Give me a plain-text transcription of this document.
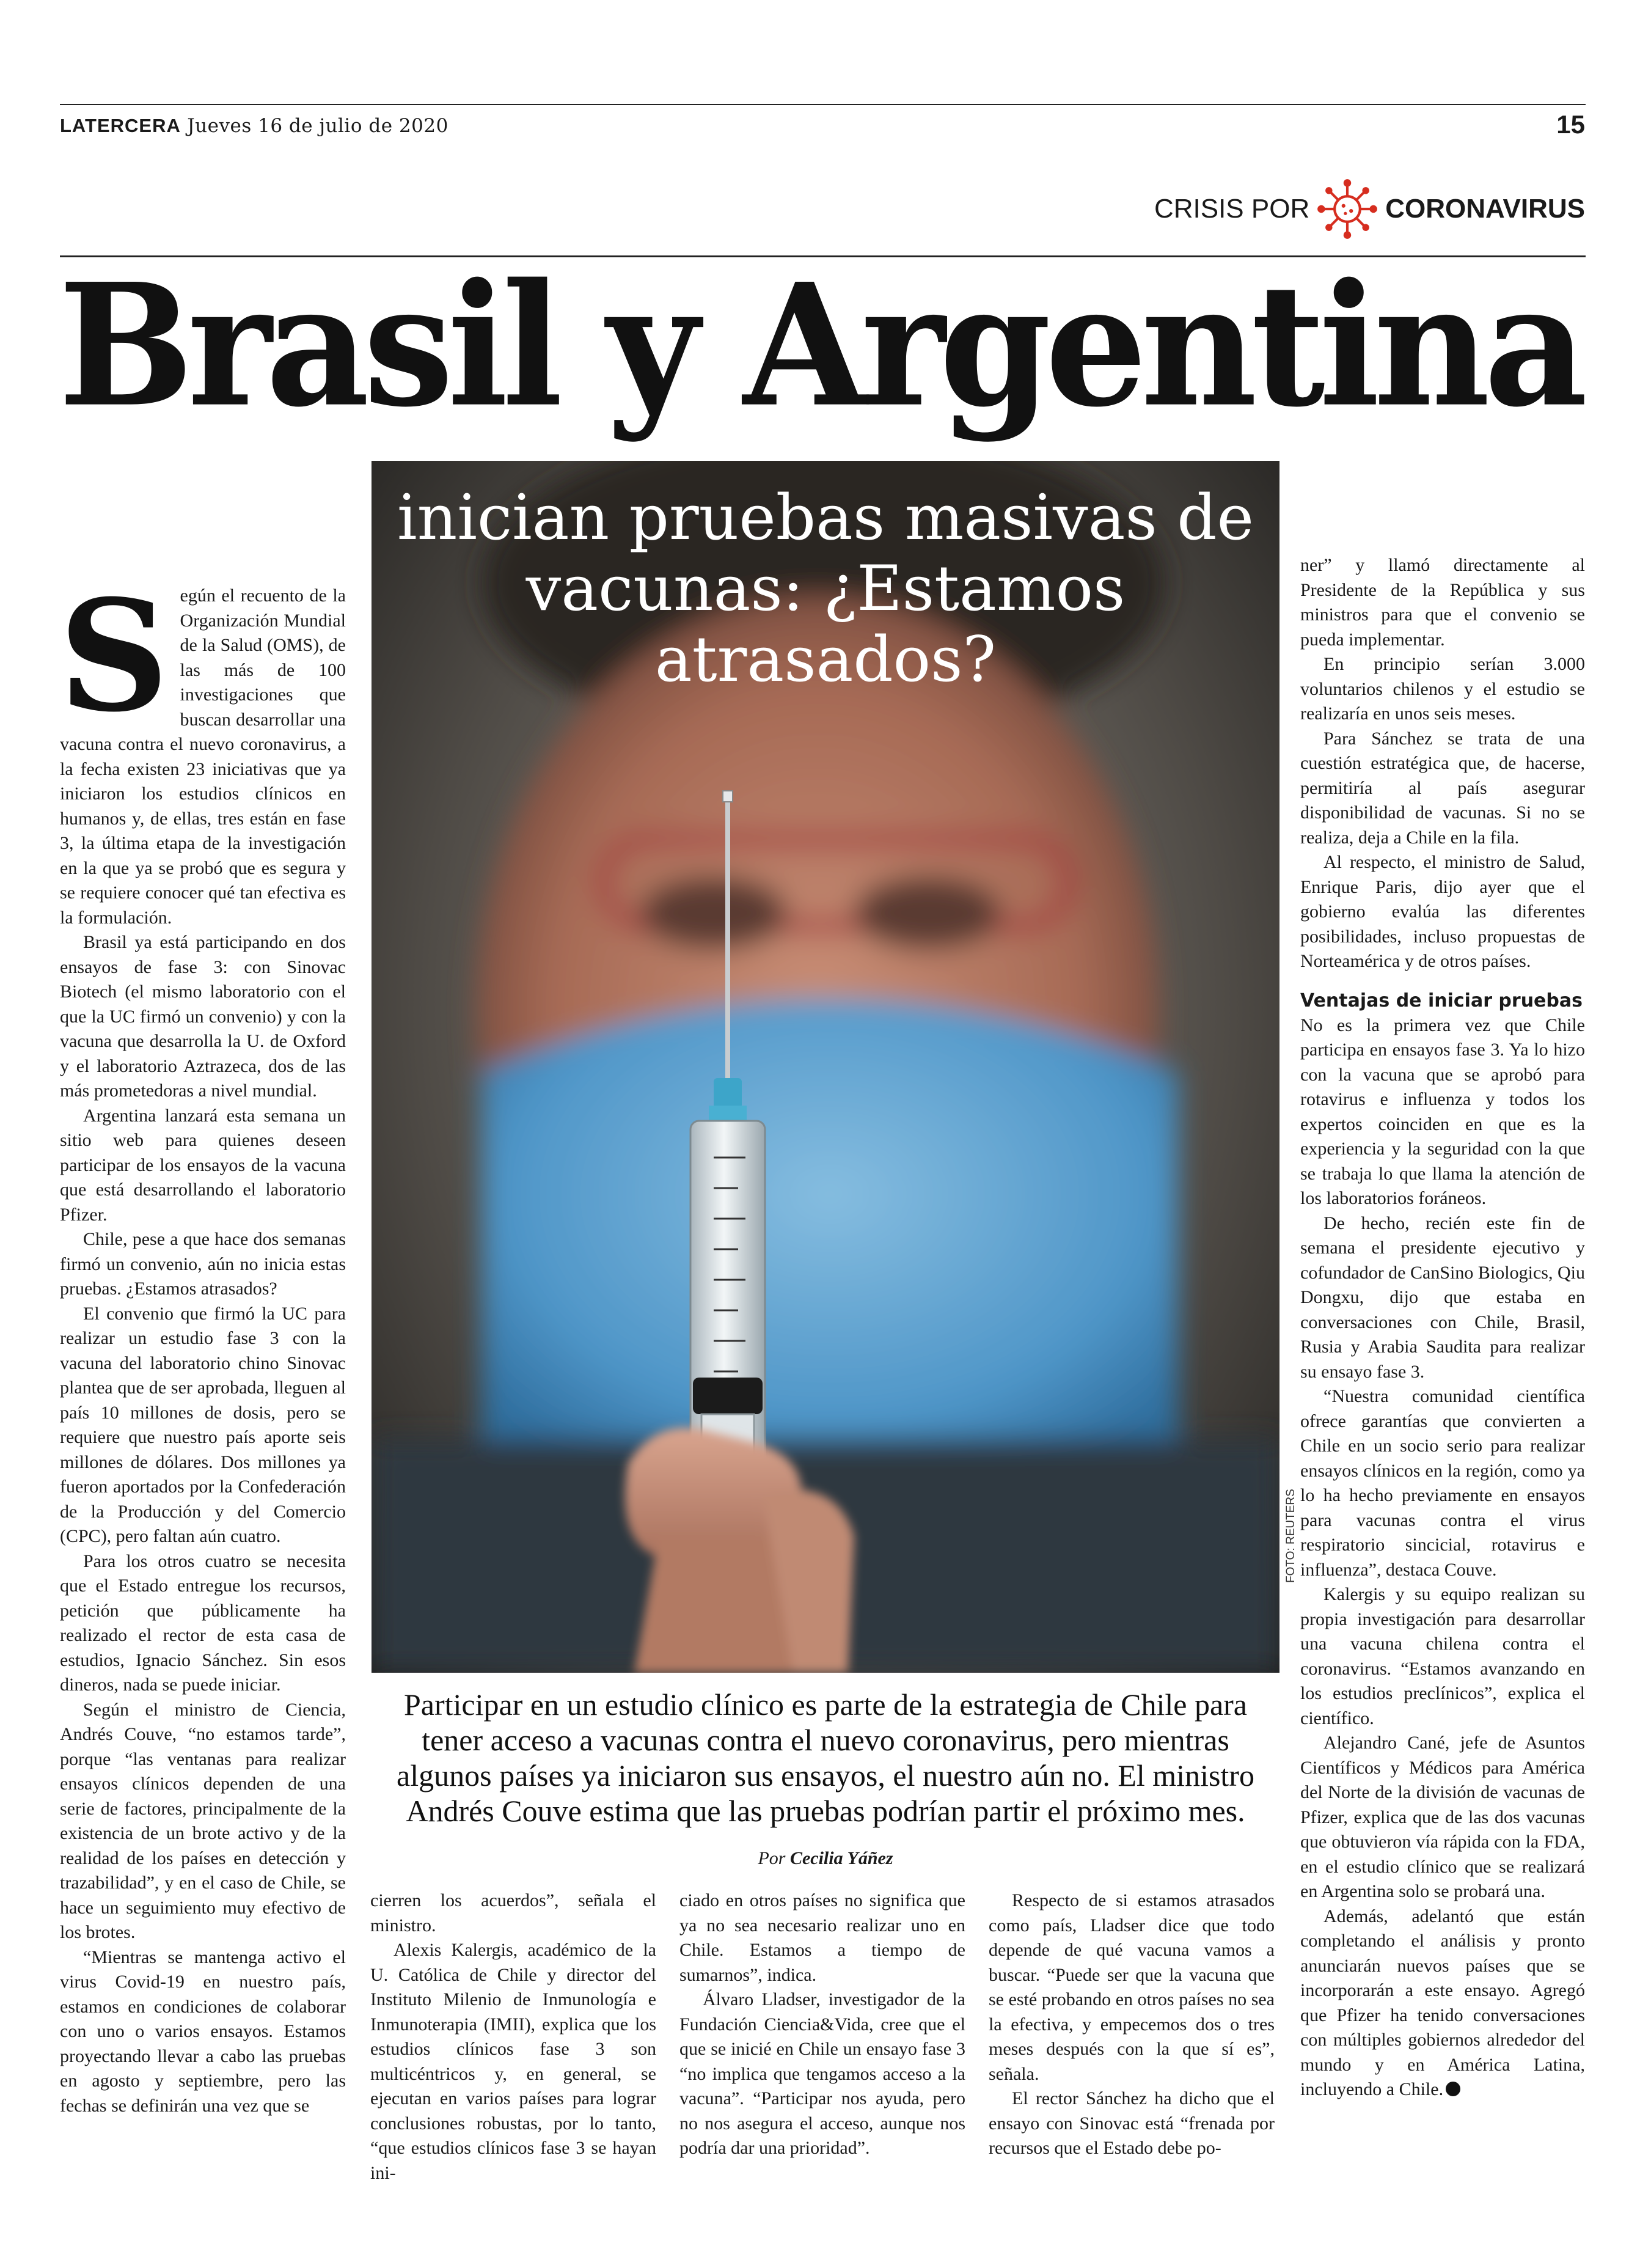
LATERCERA Jueves 16 de julio de 2020	15
CRISIS POR	CORONAVIRUS
Brasil y Argentina
inician pruebas masivas de vacunas: ¿Estamos atrasados?
FOTO: REUTERS
S egún el recuento de la Organización Mundial de la Salud (OMS), de las más de 100 investigaciones que buscan desarrollar una vacuna contra el nuevo coronavirus, a la fecha existen 23 iniciativas que ya iniciaron los estudios clínicos en humanos y, de ellas, tres están en fase 3, la última etapa de la investigación en la que ya se probó que es segura y se requiere conocer qué tan efectiva es la formulación.

Brasil ya está participando en dos ensayos de fase 3: con Sinovac Biotech (el mismo laboratorio con el que la UC firmó un convenio) y con la vacuna que desarrolla la U. de Oxford y el laboratorio Aztrazeca, dos de las más prometedoras a nivel mundial.

Argentina lanzará esta semana un sitio web para quienes deseen participar de los ensayos de la vacuna que está desarrollando el laboratorio Pfizer.

Chile, pese a que hace dos semanas firmó un convenio, aún no inicia estas pruebas. ¿Estamos atrasados?

El convenio que firmó la UC para realizar un estudio fase 3 con la vacuna del laboratorio chino Sinovac plantea que de ser aprobada, lleguen al país 10 millones de dosis, pero se requiere que nuestro país aporte seis millones de dólares. Dos millones ya fueron aportados por la Confederación de la Producción y del Comercio (CPC), pero faltan aún cuatro.

Para los otros cuatro se necesita que el Estado entregue los recursos, petición que públicamente ha realizado el rector de esta casa de estudios, Ignacio Sánchez. Sin esos dineros, nada se puede iniciar.

Según el ministro de Ciencia, Andrés Couve, “no estamos tarde”, porque “las ventanas para realizar ensayos clínicos dependen de una serie de factores, principalmente de la existencia de un brote activo y de la realidad de los países en detección y trazabilidad”, y en el caso de Chile, se hace un seguimiento muy efectivo de los brotes.

“Mientras se mantenga activo el virus Covid-19 en nuestro país, estamos en condiciones de colaborar con uno o varios ensayos. Estamos proyectando llevar a cabo las pruebas en agosto y septiembre, pero las fechas se definirán una vez que se

Participar en un estudio clínico es parte de la estrategia de Chile para tener acceso a vacunas contra el nuevo coronavirus, pero mientras algunos países ya iniciaron sus ensayos, el nuestro aún no. El ministro Andrés Couve estima que las pruebas podrían partir el próximo mes.
Por Cecilia Yáñez

cierren los acuerdos”, señala el ministro.

Alexis Kalergis, académico de la U. Católica de Chile y director del Instituto Milenio de Inmunología e Inmunoterapia (IMII), explica que los estudios clínicos fase 3 son multicéntricos y, en general, se ejecutan en varios países para lograr conclusiones robustas, por lo tanto, “que estudios clínicos fase 3 se hayan ini-

ciado en otros países no significa que ya no sea necesario realizar uno en Chile. Estamos a tiempo de sumarnos”, indica.

Álvaro Lladser, investigador de la Fundación Ciencia&Vida, cree que el que se inicié en Chile un ensayo fase 3 “no implica que tengamos acceso a la vacuna”. “Participar nos ayuda, pero no nos asegura el acceso, aunque nos podría dar una prioridad”.

Respecto de si estamos atrasados como país, Lladser dice que todo depende de qué vacuna vamos a buscar. “Puede ser que la vacuna que se esté probando en otros países no sea la efectiva, y empecemos dos o tres meses después con la que sí es”, señala.

El rector Sánchez ha dicho que el ensayo con Sinovac está “frenada por recursos que el Estado debe po-

ner” y llamó directamente al Presidente de la República y sus ministros para que el convenio se pueda implementar.

En principio serían 3.000 voluntarios chilenos y el estudio se realizaría en unos seis meses.

Para Sánchez se trata de una cuestión estratégica que, de hacerse, permitiría al país asegurar disponibilidad de vacunas. Si no se realiza, deja a Chile en la fila.

Al respecto, el ministro de Salud, Enrique Paris, dijo ayer que el gobierno evalúa las diferentes posibilidades, incluso propuestas de Norteamérica y de otros países.

Ventajas de iniciar pruebas

No es la primera vez que Chile participa en ensayos fase 3. Ya lo hizo con la vacuna que se aprobó para rotavirus e influenza y todos los expertos coinciden en que es la experiencia y la seguridad con la que se trabaja lo que llama la atención de los laboratorios foráneos.

De hecho, recién este fin de semana el presidente ejecutivo y cofundador de CanSino Biologics, Qiu Dongxu, dijo que estaba en conversaciones con Chile, Brasil, Rusia y Arabia Saudita para realizar su ensayo fase 3.

“Nuestra comunidad científica ofrece garantías que convierten a Chile en un socio serio para realizar ensayos clínicos en la región, como ya lo ha hecho previamente en ensayos para vacunas contra el virus respiratorio sincicial, rotavirus e influenza”, destaca Couve.

Kalergis y su equipo realizan su propia investigación para desarrollar una vacuna chilena contra el coronavirus. “Estamos avanzando en los estudios preclínicos”, explica el científico.

Alejandro Cané, jefe de Asuntos Científicos y Médicos para América del Norte de la división de vacunas de Pfizer, explica que de las dos vacunas que obtuvieron vía rápida con la FDA, en el estudio clínico que se realizará en Argentina solo se probará una.

Además, adelantó que están completando el análisis y pronto anunciarán nuevos países que se incorporarán a este ensayo. Agregó que Pfizer ha tenido conversaciones con múltiples gobiernos alrededor del mundo y en América Latina, incluyendo a Chile.
